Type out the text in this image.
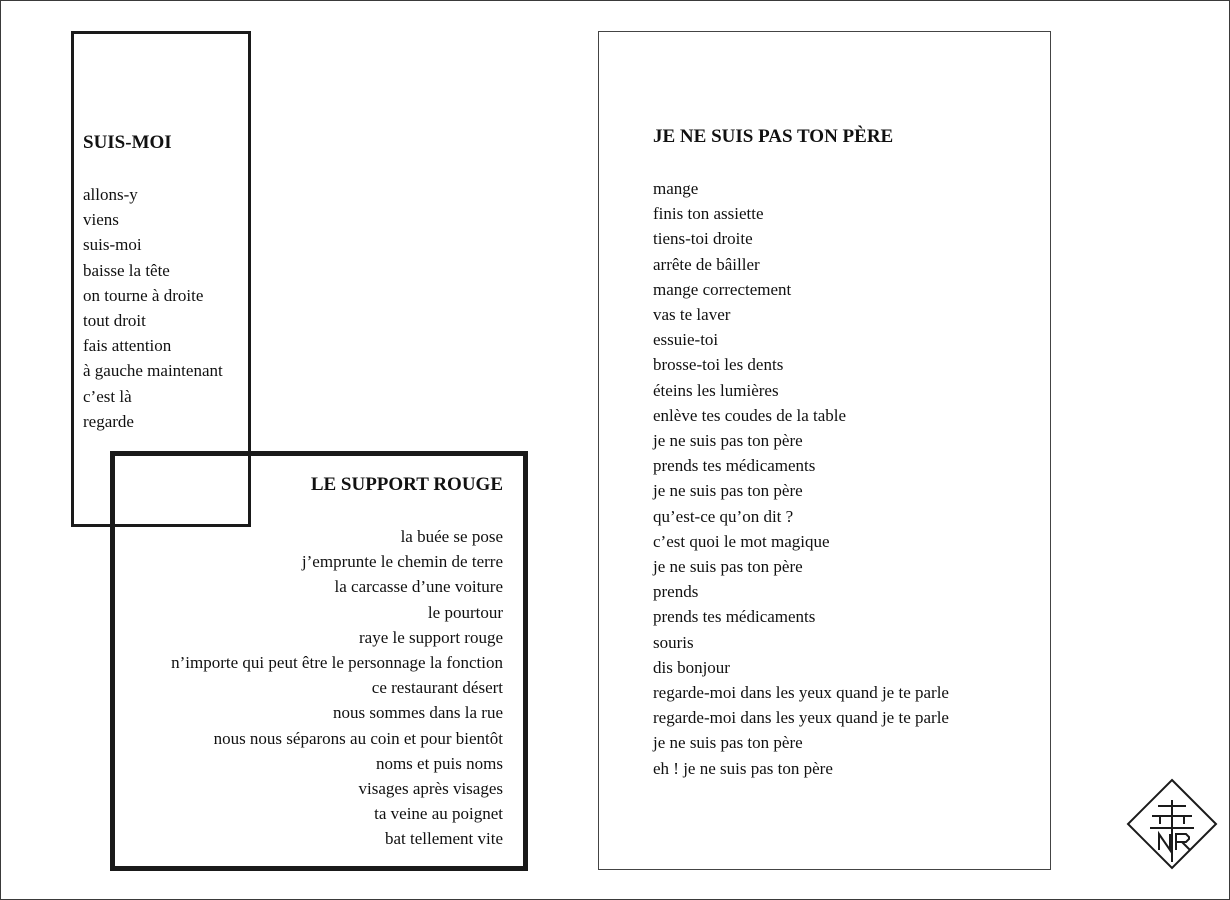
SUIS-MOI
allons-y
viens
suis-moi
baisse la tête
on tourne à droite
tout droit
fais attention
à gauche maintenant
c’est là
regarde
LE SUPPORT ROUGE
la buée se pose
j’emprunte le chemin de terre
la carcasse d’une voiture
le pourtour
raye le support rouge
n’importe qui peut être le personnage la fonction
ce restaurant désert
nous sommes dans la rue
nous nous séparons au coin et pour bientôt
noms et puis noms
visages après visages
ta veine au poignet
bat tellement vite
JE NE SUIS PAS TON PÈRE
mange
finis ton assiette
tiens-toi droite
arrête de bâiller
mange correctement
vas te laver
essuie-toi
brosse-toi les dents
éteins les lumières
enlève tes coudes de la table
je ne suis pas ton père
prends tes médicaments
je ne suis pas ton père
qu’est-ce qu’on dit ?
c’est quoi le mot magique
je ne suis pas ton père
prends
prends tes médicaments
souris
dis bonjour
regarde-moi dans les yeux quand je te parle
regarde-moi dans les yeux quand je te parle
je ne suis pas ton père
eh ! je ne suis pas ton père
